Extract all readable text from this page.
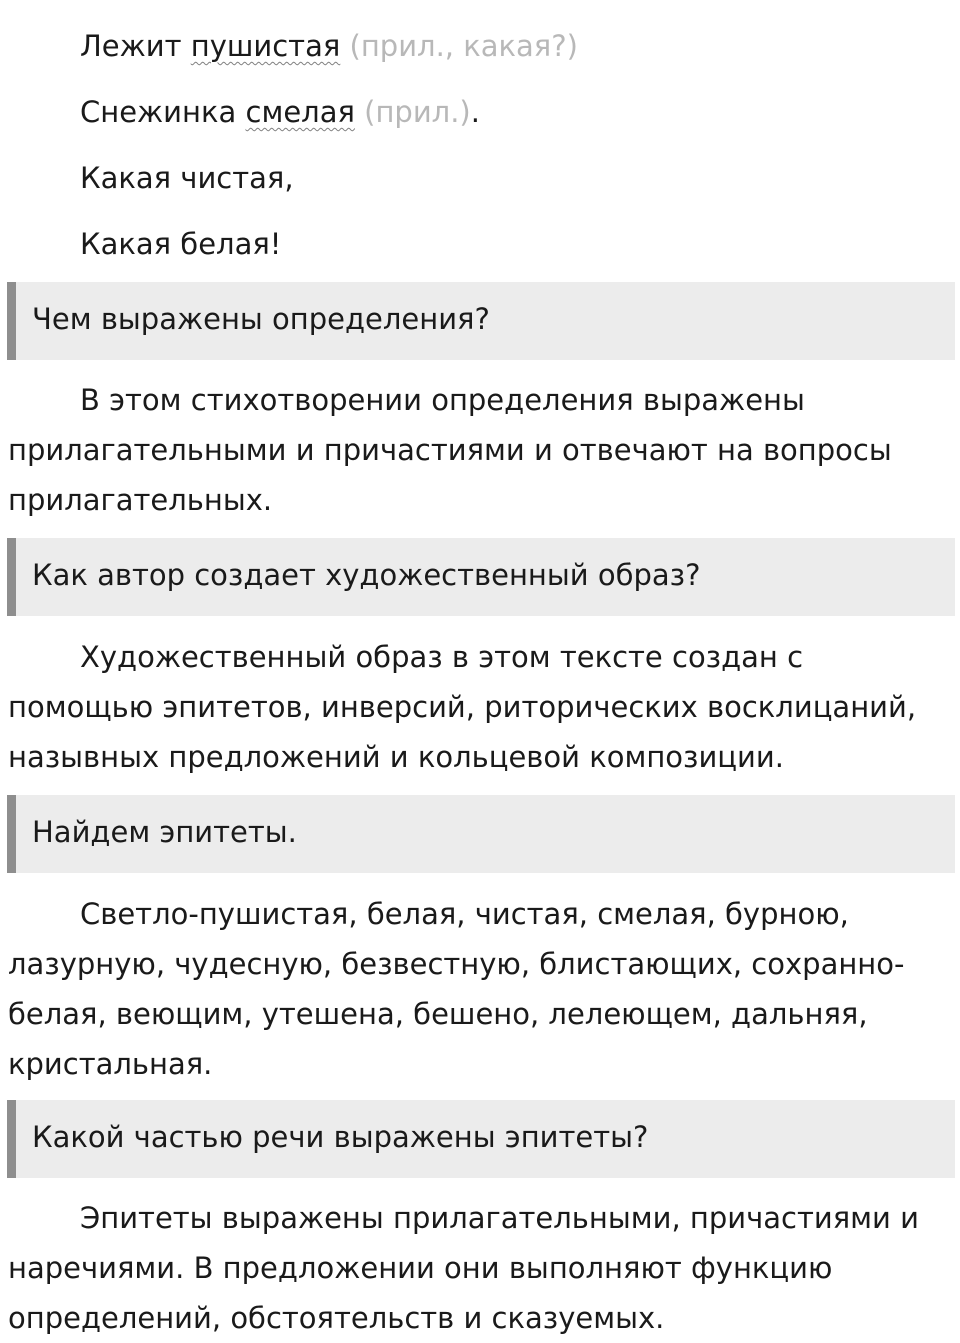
Лежит пушистая (прил., какая?)
Снежинка смелая (прил.).
Какая чистая,
Какая белая!
Чем выражены определения?

В этом стихотворении определения выражены
прилагательными и причастиями и отвечают на вопросы
прилагательных.

Как автор создает художественный образ?

Художественный образ в этом тексте создан с
помощью эпитетов, инверсий, риторических восклицаний,
назывных предложений и кольцевой композиции.

Найдем эпитеты.

Светло-пушистая, белая, чистая, смелая, бурною,
лазурную, чудесную, безвестную, блистающих, сохранно-
белая, веющим, утешена, бешено, лелеющем, дальняя,
кристальная.

Какой частью речи выражены эпитеты?

Эпитеты выражены прилагательными, причастиями и
наречиями. В предложении они выполняют функцию
определений, обстоятельств и сказуемых.
